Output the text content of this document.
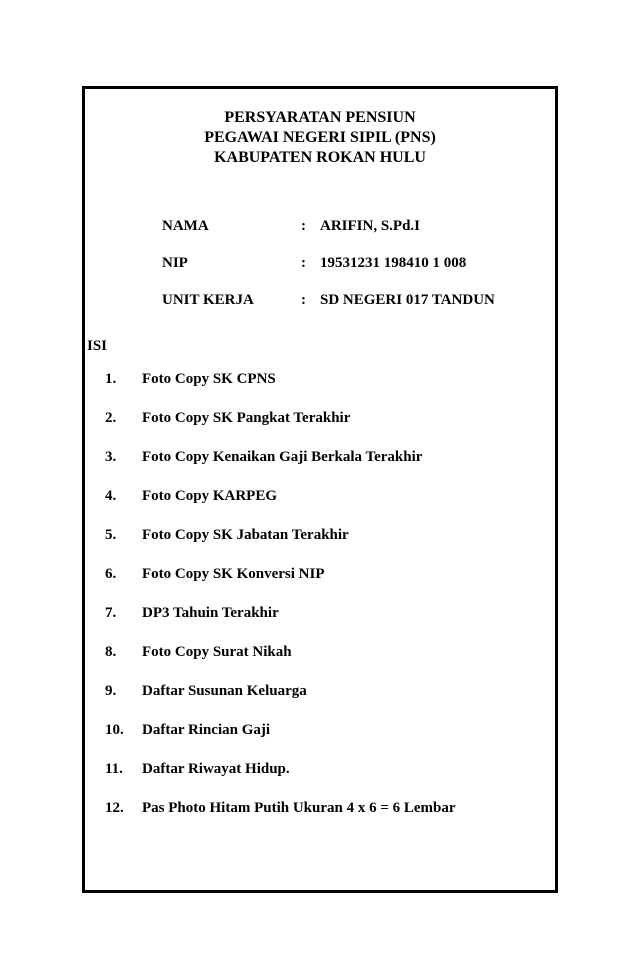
PERSYARATAN PENSIUN
PEGAWAI NEGERI SIPIL (PNS)
KABUPATEN ROKAN HULU
NAMA	: ARIFIN, S.Pd.I
NIP	: 19531231 198410 1 008
UNIT KERJA	: SD NEGERI 017 TANDUN
ISI
1. Foto Copy SK CPNS
2. Foto Copy SK Pangkat Terakhir
3. Foto Copy Kenaikan Gaji Berkala Terakhir
4. Foto Copy KARPEG
5. Foto Copy SK Jabatan Terakhir
6. Foto Copy SK Konversi NIP
7. DP3 Tahuin Terakhir
8. Foto Copy Surat Nikah
9. Daftar Susunan Keluarga
10. Daftar Rincian Gaji
11. Daftar Riwayat Hidup.
12. Pas Photo Hitam Putih Ukuran 4 x 6 = 6 Lembar
